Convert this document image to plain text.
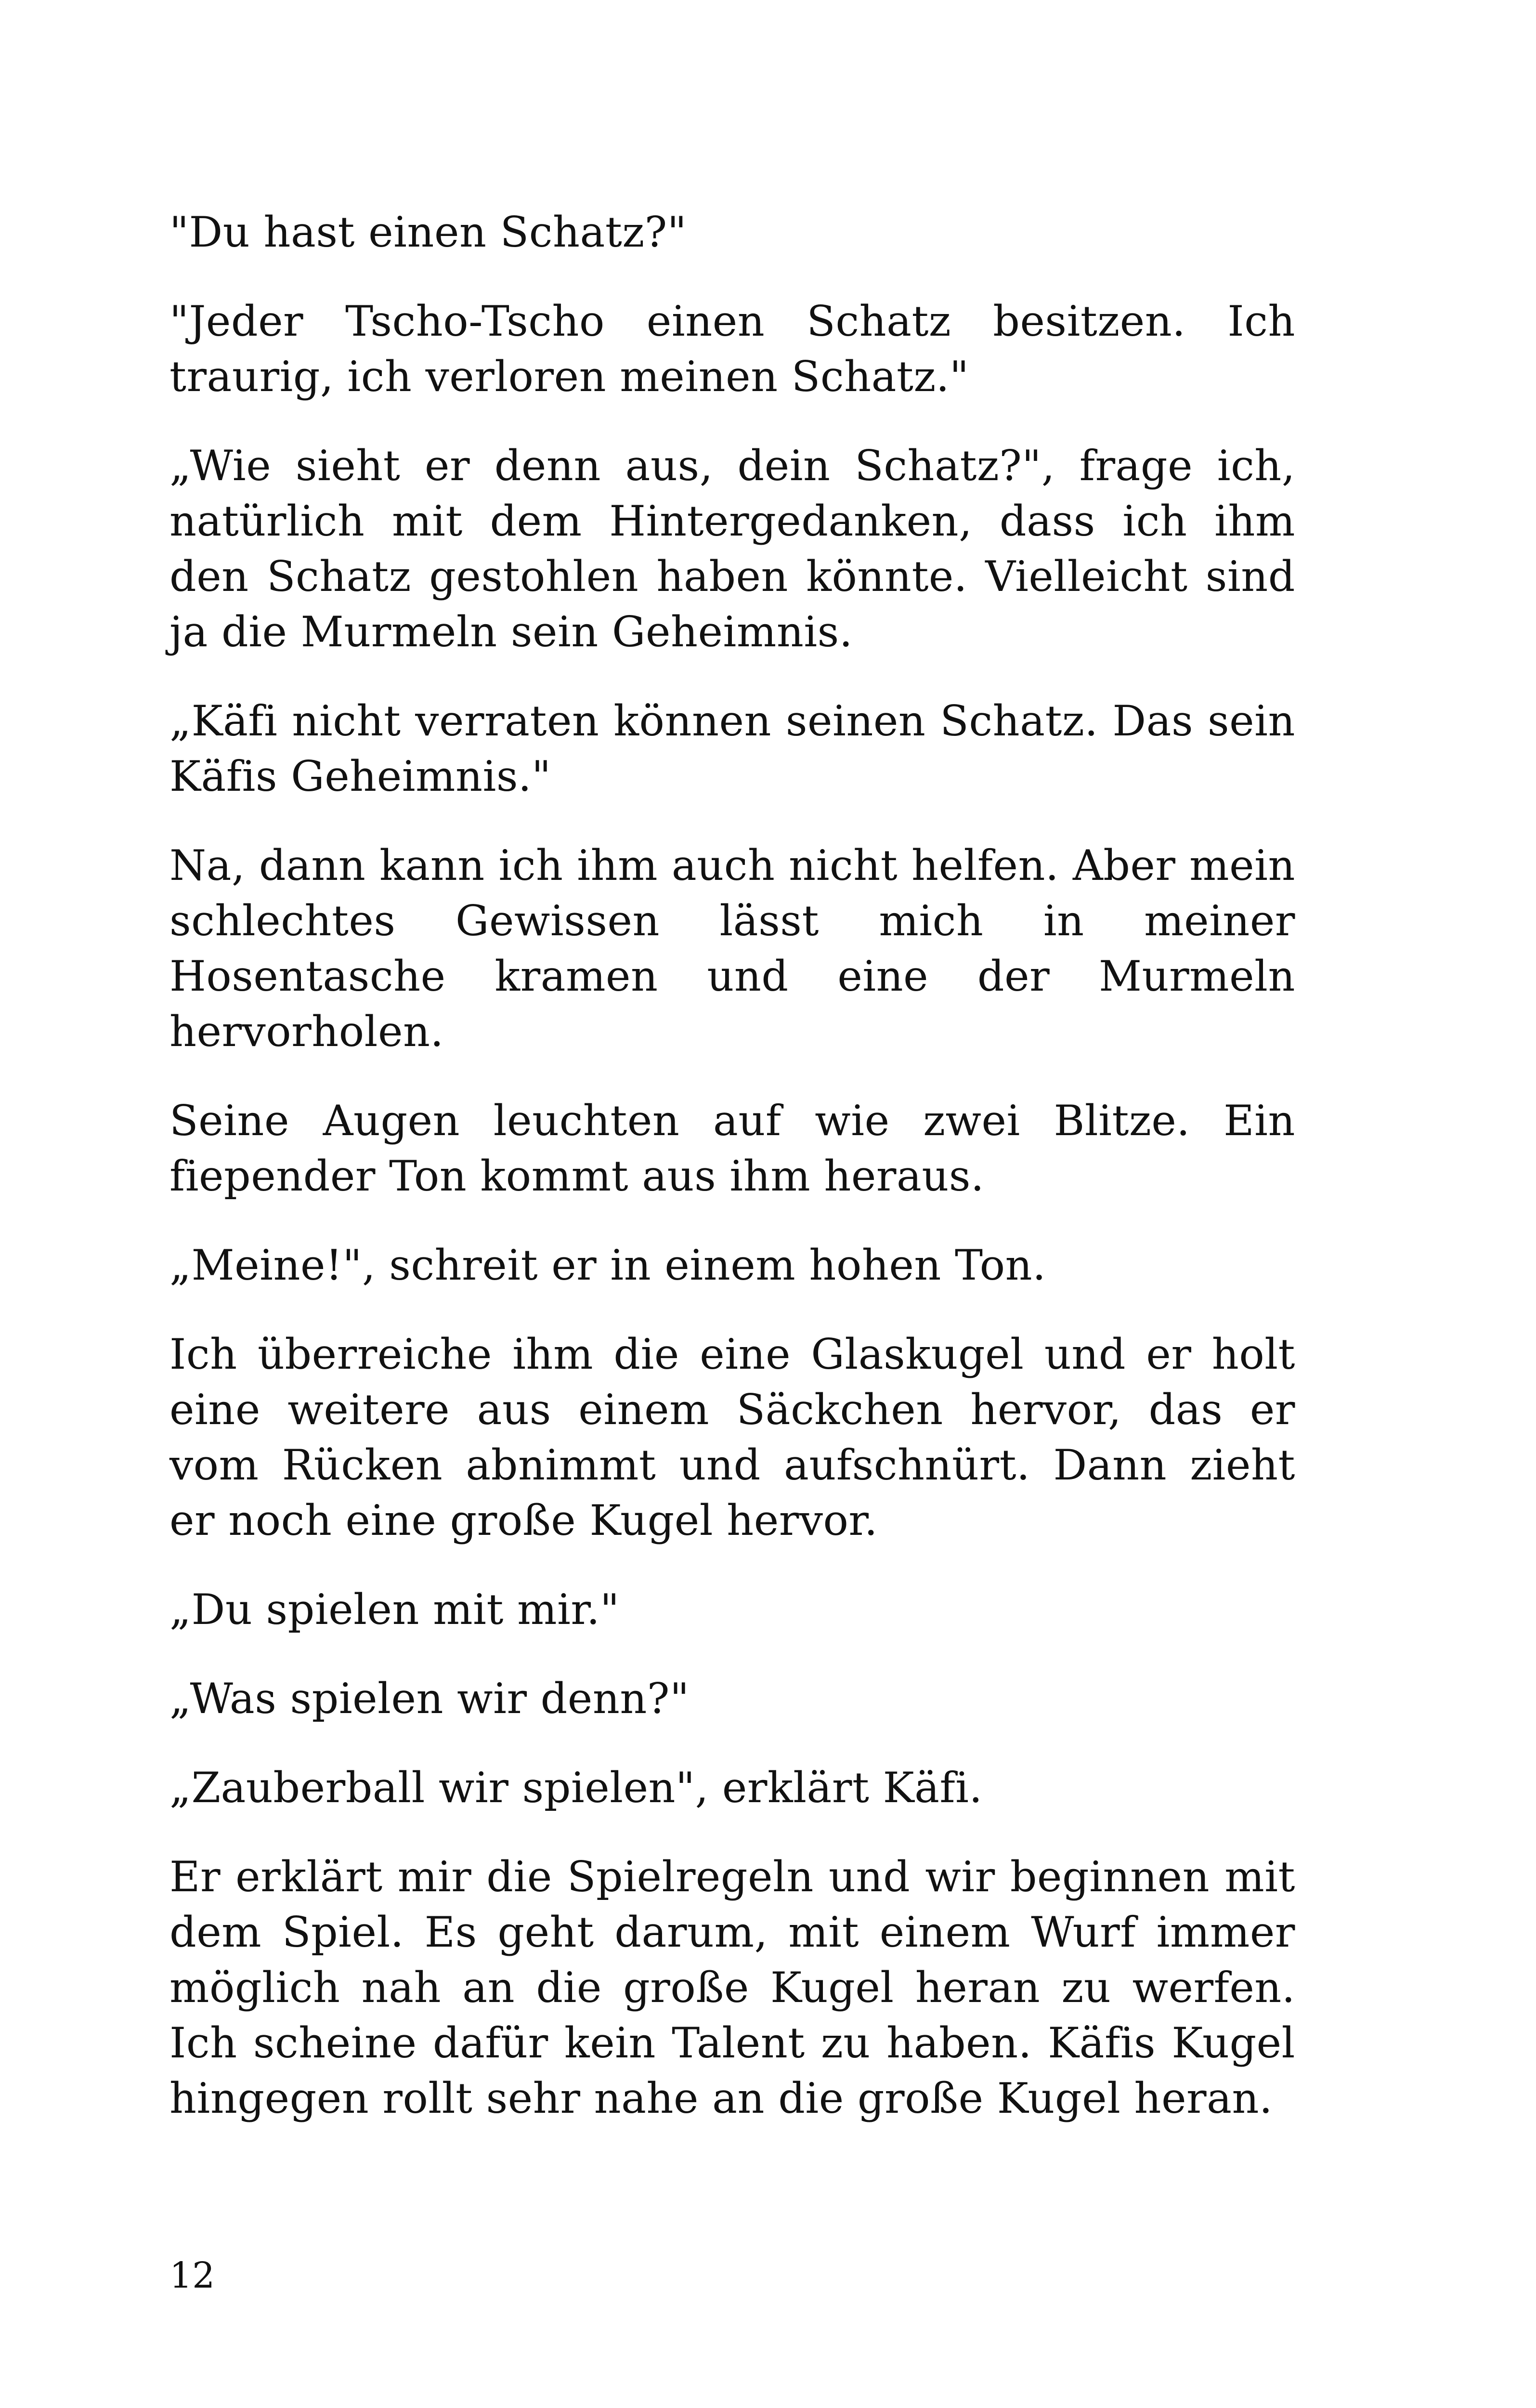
"Du hast einen Schatz?"

"Jeder Tscho-Tscho einen Schatz besitzen. Ich traurig, ich verloren meinen Schatz."

„Wie sieht er denn aus, dein Schatz?", frage ich, natürlich mit dem Hintergedanken, dass ich ihm den Schatz gestohlen haben könnte. Vielleicht sind ja die Murmeln sein Geheimnis.

„Käfi nicht verraten können seinen Schatz. Das sein Käfis Geheimnis."

Na, dann kann ich ihm auch nicht helfen. Aber mein schlechtes Gewissen lässt mich in meiner Hosentasche kramen und eine der Murmeln hervorholen.

Seine Augen leuchten auf wie zwei Blitze. Ein fiepender Ton kommt aus ihm heraus.

„Meine!", schreit er in einem hohen Ton.

Ich überreiche ihm die eine Glaskugel und er holt eine weitere aus einem Säckchen hervor, das er vom Rücken abnimmt und aufschnürt. Dann zieht er noch eine große Kugel hervor.

„Du spielen mit mir."

„Was spielen wir denn?"

„Zauberball wir spielen", erklärt Käfi.

Er erklärt mir die Spielregeln und wir beginnen mit dem Spiel. Es geht darum, mit einem Wurf immer möglich nah an die große Kugel heran zu werfen. Ich scheine dafür kein Talent zu haben. Käfis Kugel hingegen rollt sehr nahe an die große Kugel heran.

12
